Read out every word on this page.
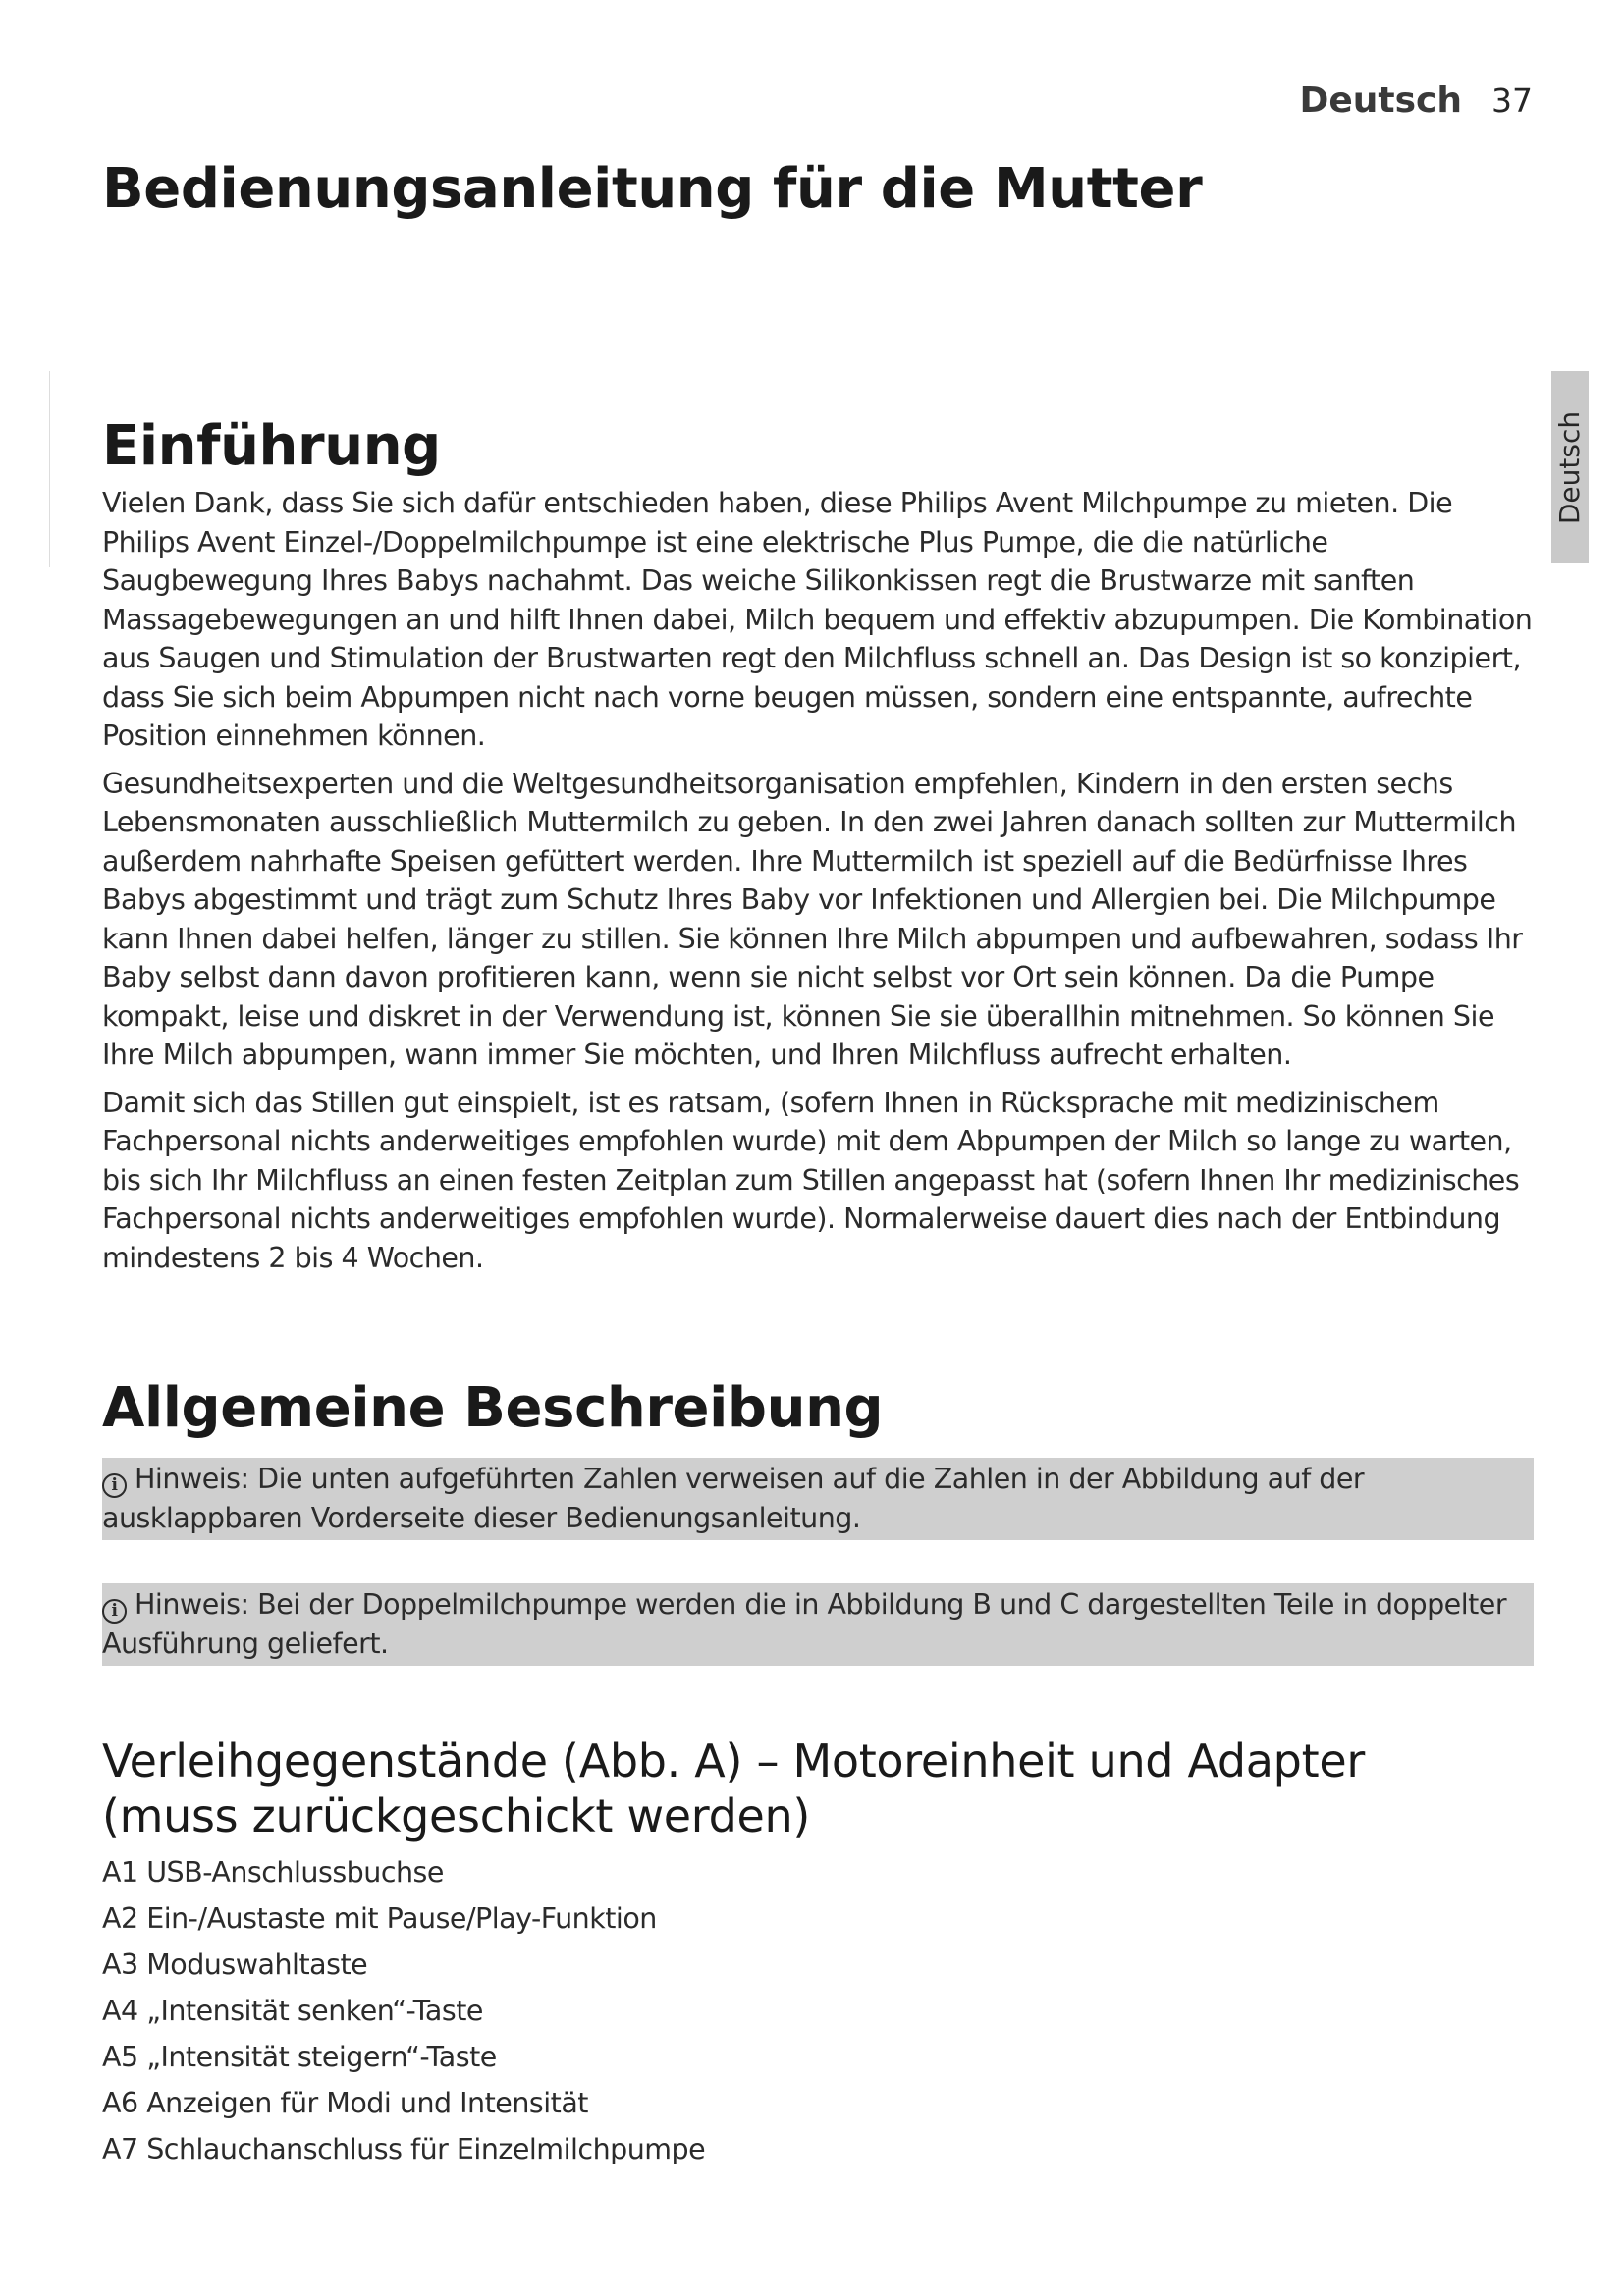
Deutsch 37
Deutsch
Bedienungsanleitung für die Mutter
Einführung

Vielen Dank, dass Sie sich dafür entschieden haben, diese Philips Avent Milchpumpe zu mieten. Die Philips Avent Einzel-/Doppelmilchpumpe ist eine elektrische Plus Pumpe, die die natürliche Saugbewegung Ihres Babys nachahmt. Das weiche Silikonkissen regt die Brustwarze mit sanften Massagebewegungen an und hilft Ihnen dabei, Milch bequem und effektiv abzupumpen. Die Kombination aus Saugen und Stimulation der Brustwarten regt den Milchfluss schnell an. Das Design ist so konzipiert, dass Sie sich beim Abpumpen nicht nach vorne beugen müssen, sondern eine entspannte, aufrechte Position einnehmen können.

Gesundheitsexperten und die Weltgesundheitsorganisation empfehlen, Kindern in den ersten sechs Lebensmonaten ausschließlich Muttermilch zu geben. In den zwei Jahren danach sollten zur Muttermilch außerdem nahrhafte Speisen gefüttert werden. Ihre Muttermilch ist speziell auf die Bedürfnisse Ihres Babys abgestimmt und trägt zum Schutz Ihres Baby vor Infektionen und Allergien bei. Die Milchpumpe kann Ihnen dabei helfen, länger zu stillen. Sie können Ihre Milch abpumpen und aufbewahren, sodass Ihr Baby selbst dann davon profitieren kann, wenn sie nicht selbst vor Ort sein können. Da die Pumpe kompakt, leise und diskret in der Verwendung ist, können Sie sie überallhin mitnehmen. So können Sie Ihre Milch abpumpen, wann immer Sie möchten, und Ihren Milchfluss aufrecht erhalten.

Damit sich das Stillen gut einspielt, ist es ratsam, (sofern Ihnen in Rücksprache mit medizinischem Fachpersonal nichts anderweitiges empfohlen wurde) mit dem Abpumpen der Milch so lange zu warten, bis sich Ihr Milchfluss an einen festen Zeitplan zum Stillen angepasst hat (sofern Ihnen Ihr medizinisches Fachpersonal nichts anderweitiges empfohlen wurde). Normalerweise dauert dies nach der Entbindung mindestens 2 bis 4 Wochen.

Allgemeine Beschreibung
i Hinweis: Die unten aufgeführten Zahlen verweisen auf die Zahlen in der Abbildung auf der ausklappbaren Vorderseite dieser Bedienungsanleitung.
i Hinweis: Bei der Doppelmilchpumpe werden die in Abbildung B und C dargestellten Teile in doppelter Ausführung geliefert.
Verleihgegenstände (Abb. A) – Motoreinheit und Adapter (muss zurückgeschickt werden)
A1 USB-Anschlussbuchse
A2 Ein-/Austaste mit Pause/Play-Funktion
A3 Moduswahltaste
A4 „Intensität senken“-Taste
A5 „Intensität steigern“-Taste
A6 Anzeigen für Modi und Intensität
A7 Schlauchanschluss für Einzelmilchpumpe
